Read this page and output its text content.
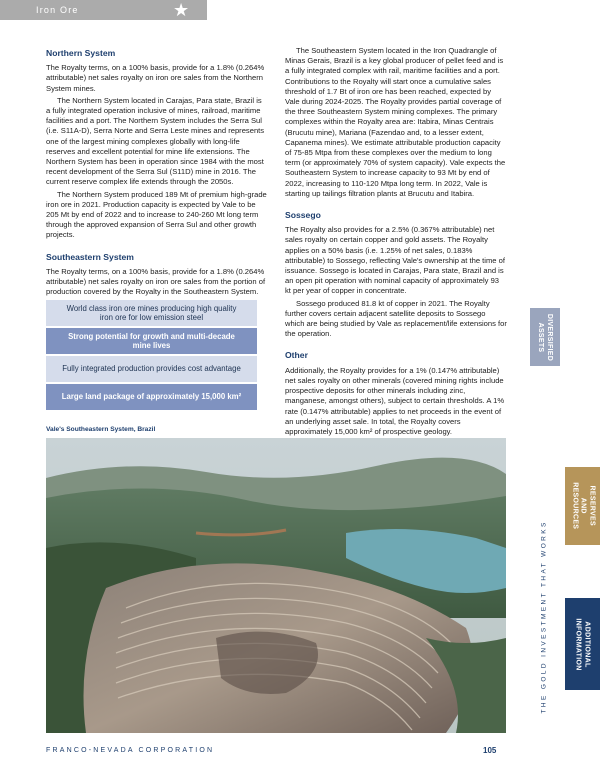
Iron Ore	★
Northern System

The Royalty terms, on a 100% basis, provide for a 1.8% (0.264% attributable) net sales royalty on iron ore sales from the Northern System mines.

The Northern System located in Carajas, Para state, Brazil is a fully integrated operation inclusive of mines, railroad, maritime facilities and a port. The Northern System includes the Serra Sul (i.e. S11A-D), Serra Norte and Serra Leste mines and represents one of the largest mining complexes globally with long-life reserves and excellent potential for mine life extensions. The Northern System has been in operation since 1984 with the most recent development of the Serra Sul (S11D) mine in 2016. The current reserve complex life extends through the 2050s.

The Northern System produced 189 Mt of premium high-grade iron ore in 2021. Production capacity is expected by Vale to be 205 Mt by end of 2022 and to increase to 240-260 Mt long term through the approved expansion of Serra Sul and other growth projects.

Southeastern System

The Royalty terms, on a 100% basis, provide for a 1.8% (0.264% attributable) net sales royalty on iron ore sales from the portion of production covered by the Royalty in the Southeastern System.

World class iron ore mines producing high quality iron ore for low emission steel
Strong potential for growth and multi-decade mine lives
Fully integrated production provides cost advantage
Large land package of approximately 15,000 km²

The Southeastern System located in the Iron Quadrangle of Minas Gerais, Brazil is a key global producer of pellet feed and is a fully integrated complex with rail, maritime facilities and a port. Contributions to the Royalty will start once a cumulative sales threshold of 1.7 Bt of iron ore has been reached, expected by Vale during 2024-2025. The Royalty provides partial coverage of the three Southeastern System mining complexes. The primary complexes within the Royalty area are: Itabira, Minas Centrais (Brucutu mine), Mariana (Fazendao and, to a lesser extent, Capanema mines). We estimate attributable production capacity of 75-85 Mtpa from these complexes over the medium to long term (or approximately 70% of system capacity). Vale expects the Southeastern System to increase capacity to 93 Mt by end of 2022, increasing to 110-120 Mtpa long term. In 2022, Vale is starting up tailings filtration plants at Brucutu and Itabira.

Sossego

The Royalty also provides for a 2.5% (0.367% attributable) net sales royalty on certain copper and gold assets. The Royalty applies on a 50% basis (i.e. 1.25% of net sales, 0.183% attributable) to Sossego, reflecting Vale's ownership at the time of issuance. Sossego is located in Carajas, Para state, Brazil and is an open pit operation with nominal capacity of approximately 93 kt per year of copper in concentrate.

Sossego produced 81.8 kt of copper in 2021. The Royalty further covers certain adjacent satellite deposits to Sossego which are being studied by Vale as replacement/life extensions for the operation.

Other

Additionally, the Royalty provides for a 1% (0.147% attributable) net sales royalty on other minerals (covered mining rights include prospective deposits for other minerals including zinc, manganese, amongst others), subject to certain thresholds. A 1% rate (0.147% attributable) applies to net proceeds in the event of an underlying asset sale. In total, the Royalty covers approximately 15,000 km² of prospective geology.

Vale's Southeastern System, Brazil
FRANCO-NEVADA CORPORATION	105
DIVERSIFIED
ASSETS
RESERVES
AND RESOURCES
ADDITIONAL
INFORMATION
THE GOLD INVESTMENT THAT WORKS
